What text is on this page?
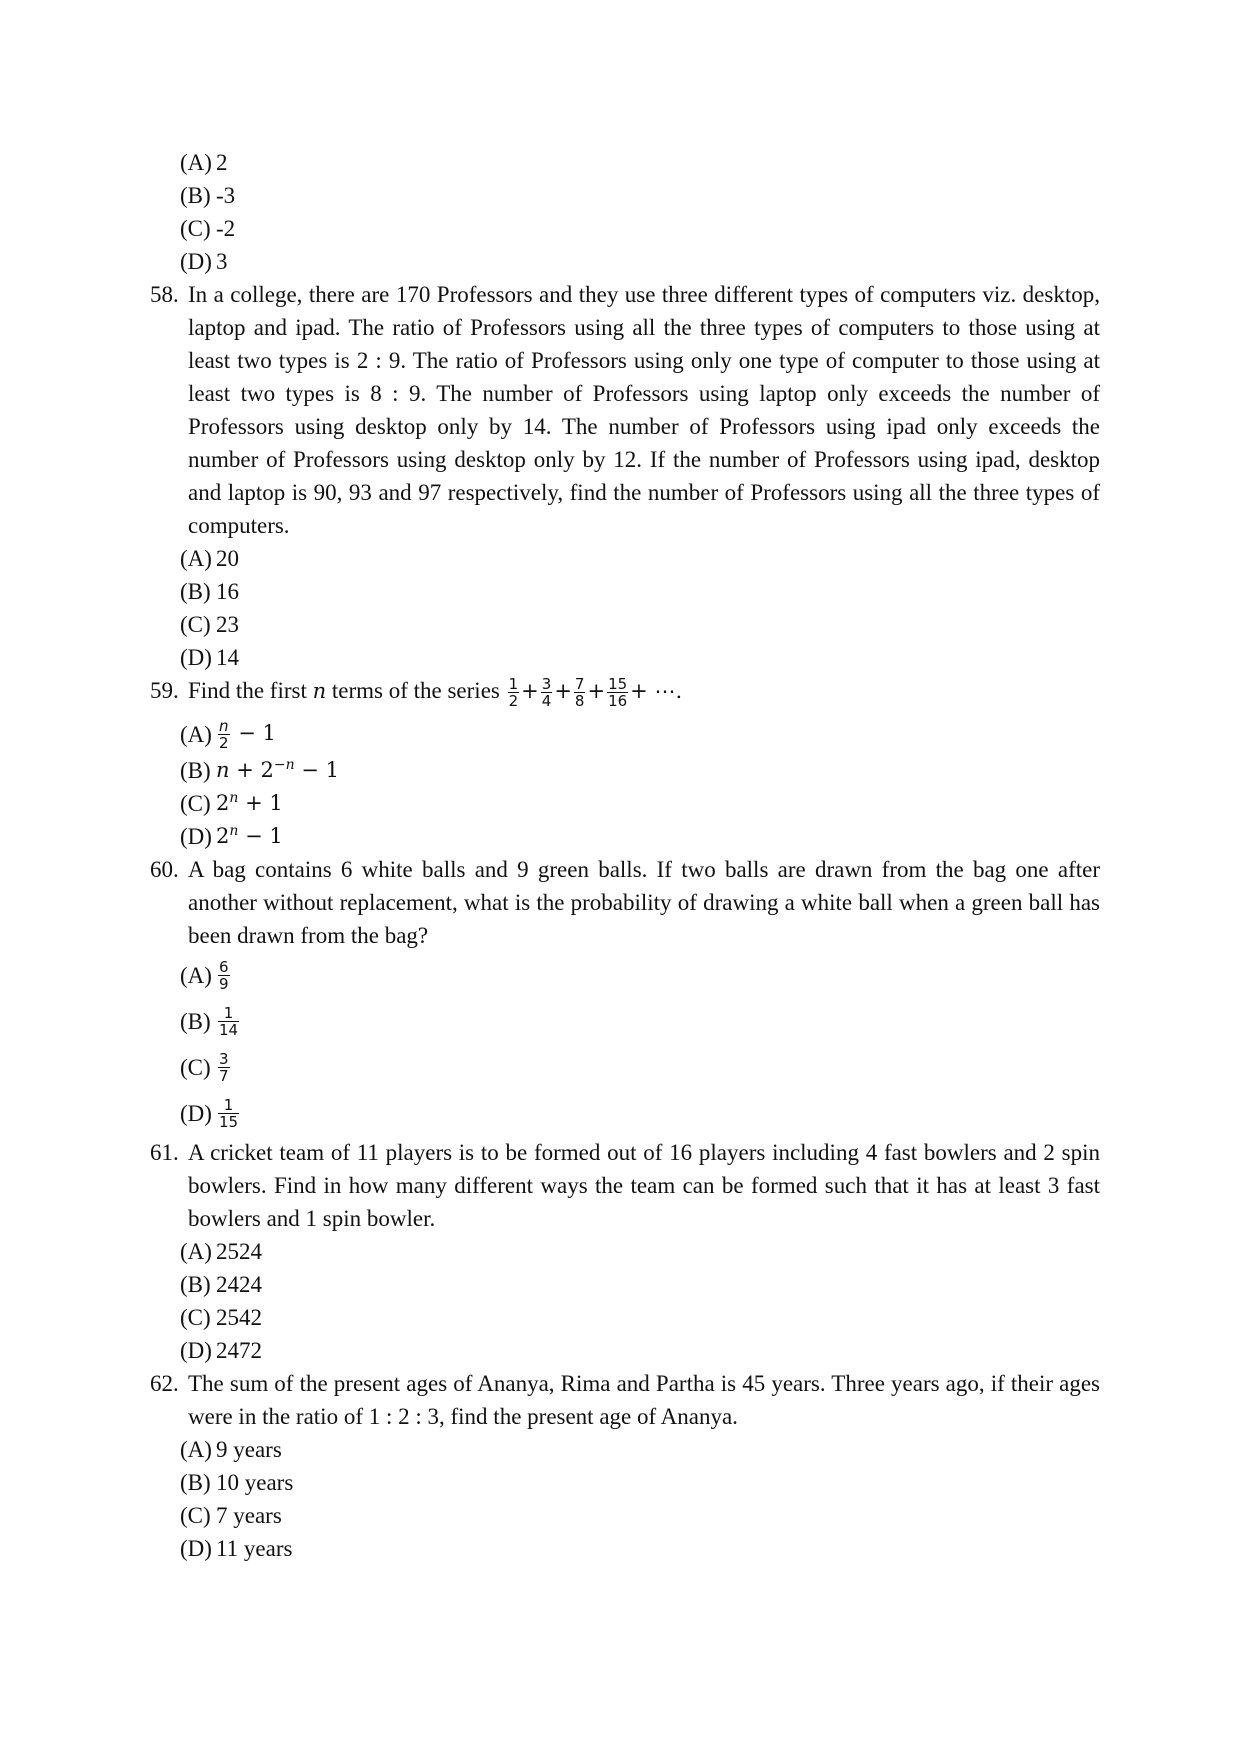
(A) 2
(B) -3
(C) -2
(D) 3
58. In a college, there are 170 Professors and they use three different types of computers viz. desktop, laptop and ipad. The ratio of Professors using all the three types of computers to those using at least two types is 2 : 9. The ratio of Professors using only one type of computer to those using at least two types is 8 : 9. The number of Professors using laptop only exceeds the number of Professors using desktop only by 14. The number of Professors using ipad only exceeds the number of Professors using desktop only by 12. If the number of Professors using ipad, desktop and laptop is 90, 93 and 97 respectively, find the number of Professors using all the three types of computers.
(A) 20
(B) 16
(C) 23
(D) 14
59. Find the first n terms of the series $\frac{1}{2} + \frac{3}{4} + \frac{7}{8} + \frac{15}{16}$ + ⋯.
$(A) \frac{n}{2} - 1$
(B) $n + 2^{-n} - 1$
(C) $2^n + 1$
(D) $2^n - 1$
60. A bag contains 6 white balls and 9 green balls. If two balls are drawn from the bag one after another without replacement, what is the probability of drawing a white ball when a green ball has been drawn from the bag?
$(A) \frac{6}{9}$
$(B) \frac{1}{14}$
$(C) \frac{3}{7}$
$(D) \frac{1}{15}$
61. A cricket team of 11 players is to be formed out of 16 players including 4 fast bowlers and 2 spin bowlers. Find in how many different ways the team can be formed such that it has at least 3 fast bowlers and 1 spin bowler.
(A) 2524
(B) 2424
(C) 2542
(D) 2472
62. The sum of the present ages of Ananya, Rima and Partha is 45 years. Three years ago, if their ages were in the ratio of 1 : 2 : 3, find the present age of Ananya.
(A) 9 years
(B) 10 years
(C) 7 years
(D) 11 years
